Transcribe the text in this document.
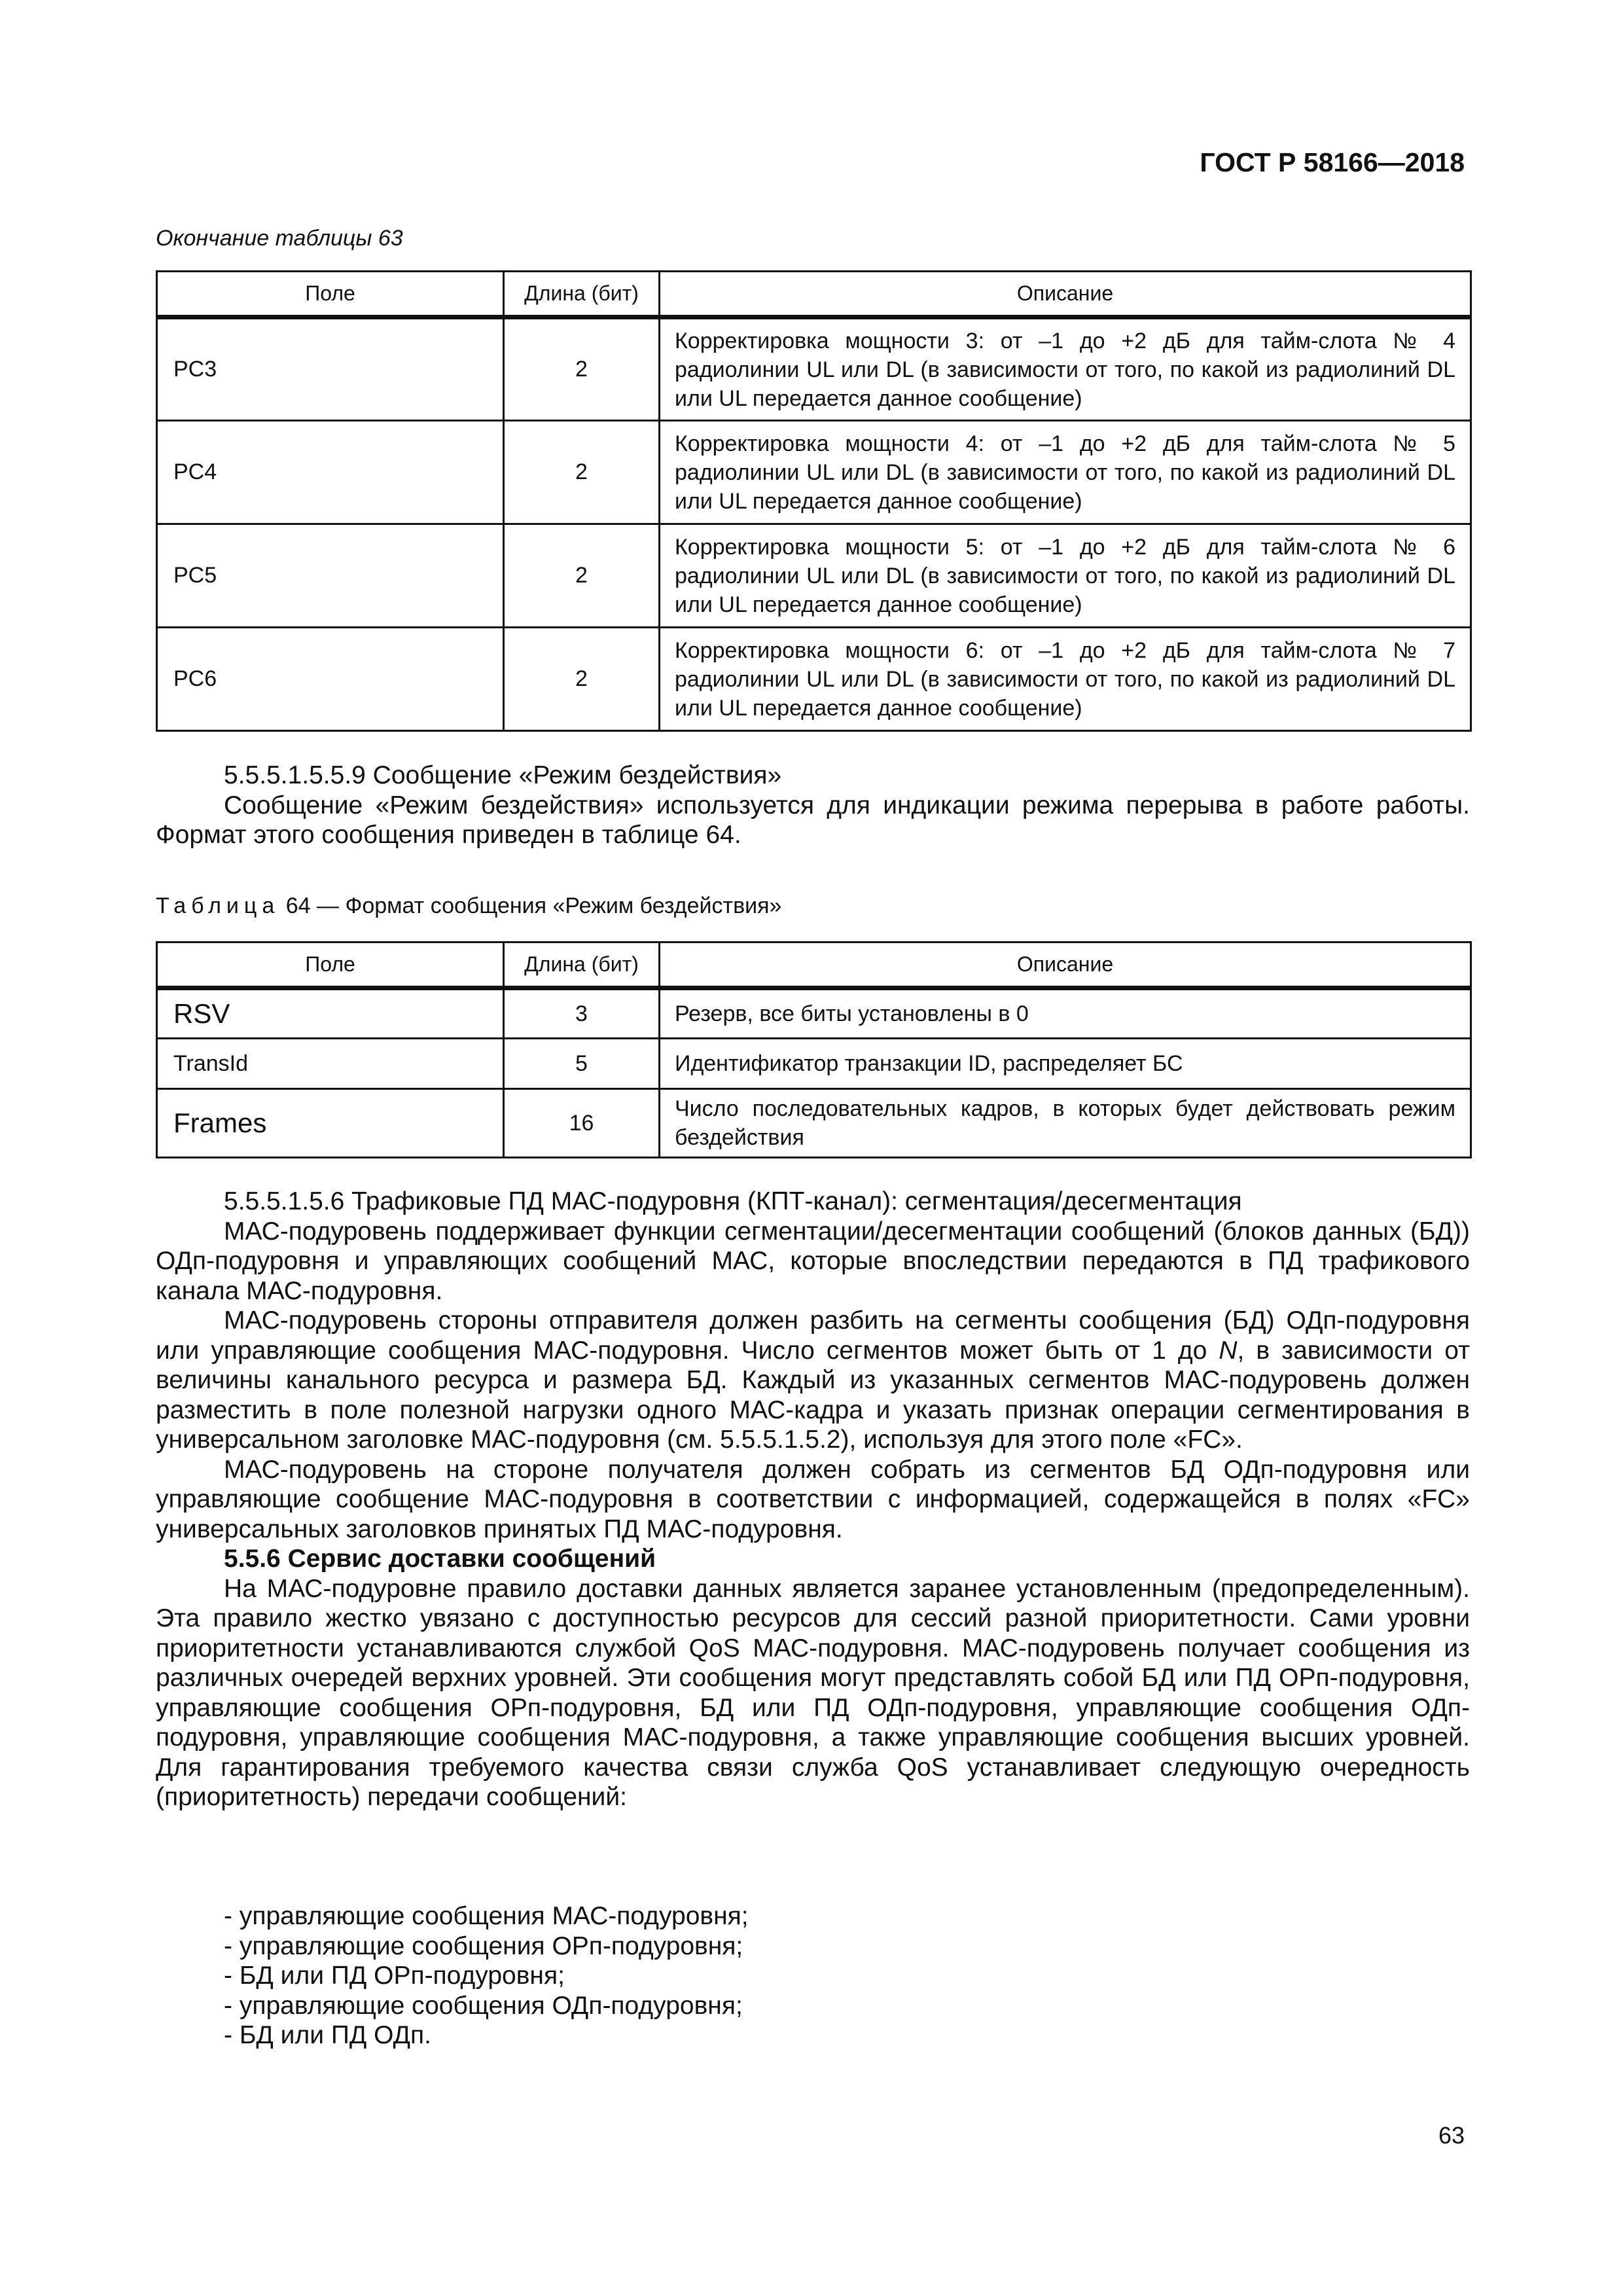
ГОСТ Р 58166—2018
Окончание таблицы 63
Поле	Длина (бит)	Описание
PC3	2	Корректировка мощности 3: от –1 до +2 дБ для тайм-слота № 4 радиолинии UL или DL (в зависимости от того, по какой из радиолиний DL или UL передается данное сообщение)
PC4	2	Корректировка мощности 4: от –1 до +2 дБ для тайм-слота № 5 радиолинии UL или DL (в зависимости от того, по какой из радиолиний DL или UL передается данное сообщение)
PC5	2	Корректировка мощности 5: от –1 до +2 дБ для тайм-слота № 6 радиолинии UL или DL (в зависимости от того, по какой из радиолиний DL или UL передается данное сообщение)
PC6	2	Корректировка мощности 6: от –1 до +2 дБ для тайм-слота № 7 радиолинии UL или DL (в зависимости от того, по какой из радиолиний DL или UL передается данное сообщение)

5.5.5.1.5.5.9 Сообщение «Режим бездействия»

Сообщение «Режим бездействия» используется для индикации режима перерыва в работе работы. Формат этого сообщения приведен в таблице 64.

Таблица 64 — Формат сообщения «Режим бездействия»
Поле	Длина (бит)	Описание
RSV	3	Резерв, все биты установлены в 0
TransId	5	Идентификатор транзакции ID, распределяет БС
Frames	16	Число последовательных кадров, в которых будет действовать режим бездействия

5.5.5.1.5.6 Трафиковые ПД МАС-подуровня (КПТ-канал): сегментация/десегментация

МАС-подуровень поддерживает функции сегментации/десегментации сообщений (блоков данных (БД)) ОДп-подуровня и управляющих сообщений МАС, которые впоследствии передаются в ПД трафикового канала МАС-подуровня.

МАС-подуровень стороны отправителя должен разбить на сегменты сообщения (БД) ОДп-подуровня или управляющие сообщения МАС-подуровня. Число сегментов может быть от 1 до N, в зависимости от величины канального ресурса и размера БД. Каждый из указанных сегментов МАС-подуровень должен разместить в поле полезной нагрузки одного МАС-кадра и указать признак операции сегментирования в универсальном заголовке МАС-подуровня (см. 5.5.5.1.5.2), используя для этого поле «FC».

МАС-подуровень на стороне получателя должен собрать из сегментов БД ОДп-подуровня или управляющие сообщение МАС-подуровня в соответствии с информацией, содержащейся в полях «FC» универсальных заголовков принятых ПД МАС-подуровня.

5.5.6 Сервис доставки сообщений

На МАС-подуровне правило доставки данных является заранее установленным (предопределенным). Эта правило жестко увязано с доступностью ресурсов для сессий разной приоритетности. Сами уровни приоритетности устанавливаются службой QoS МАС-подуровня. МАС-подуровень получает сообщения из различных очередей верхних уровней. Эти сообщения могут представлять собой БД или ПД ОРп-подуровня, управляющие сообщения ОРп-подуровня, БД или ПД ОДп-подуровня, управляющие сообщения ОДп-подуровня, управляющие сообщения МАС-подуровня, а также управляющие сообщения высших уровней. Для гарантирования требуемого качества связи служба QoS устанавливает следующую очередность (приоритетность) передачи сообщений:

- управляющие сообщения МАС-подуровня;
- управляющие сообщения ОРп-подуровня;
- БД или ПД ОРп-подуровня;
- управляющие сообщения ОДп-подуровня;
- БД или ПД ОДп.
63
